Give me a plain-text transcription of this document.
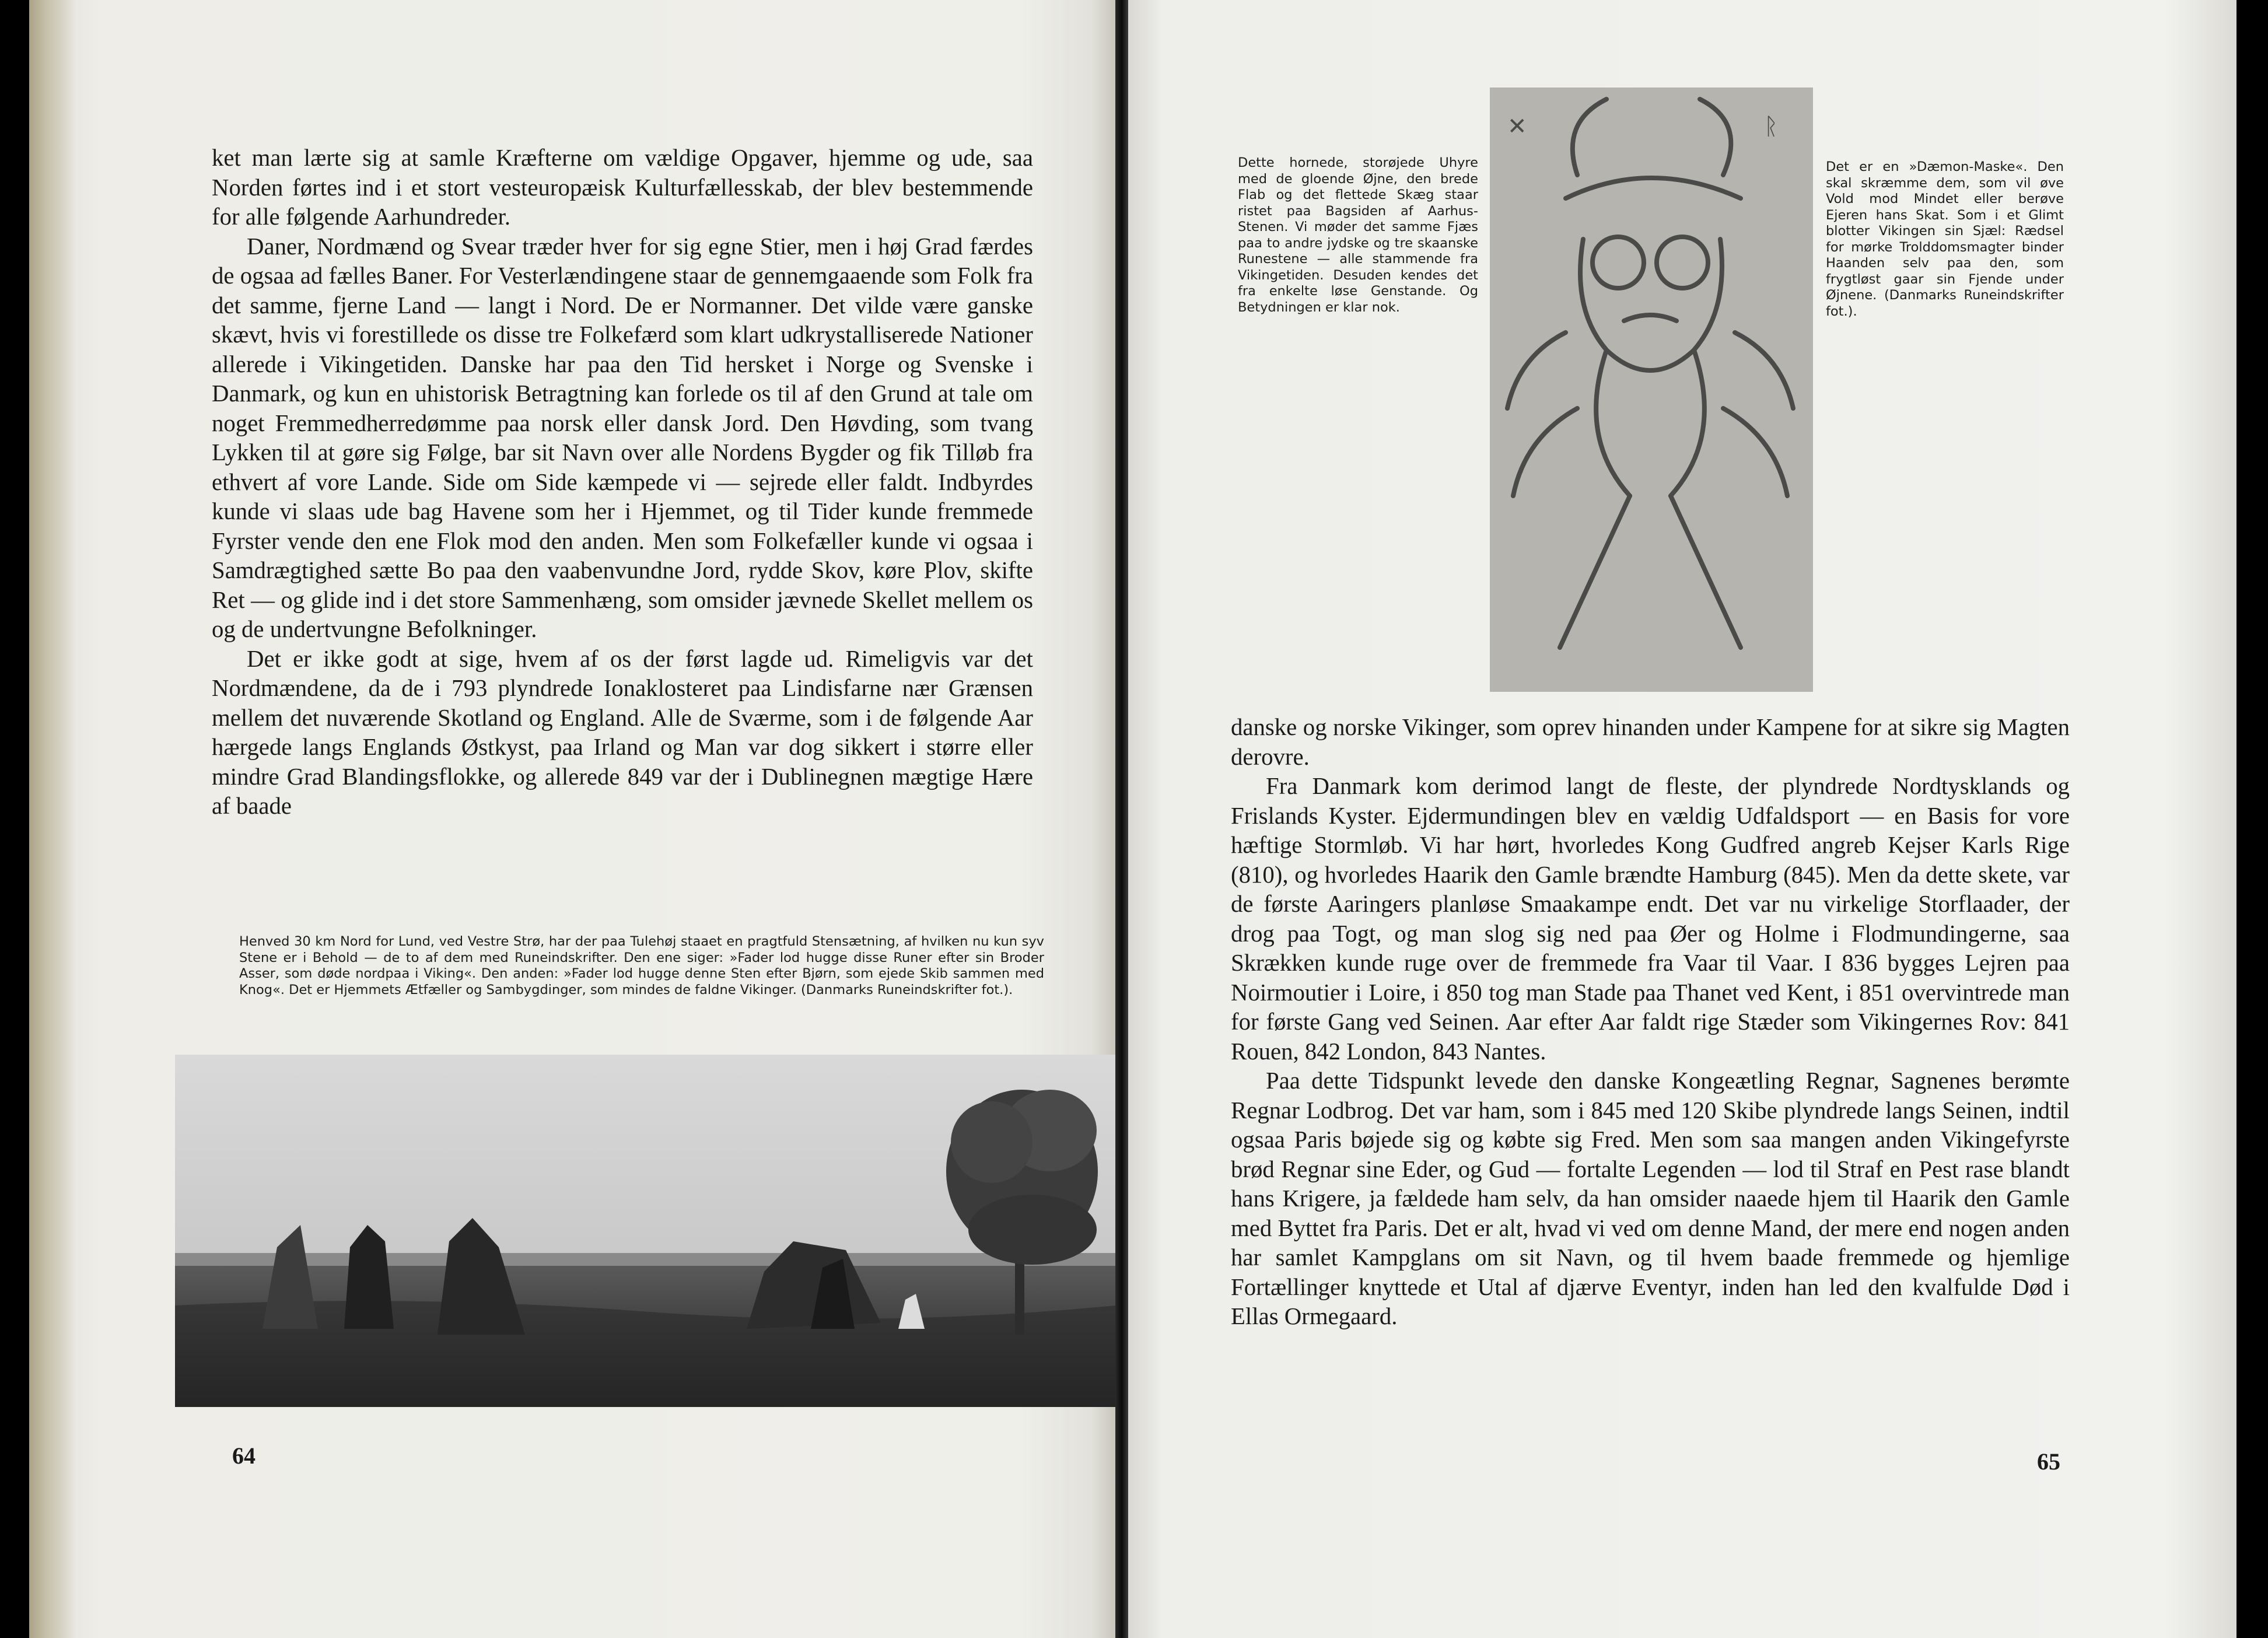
ket man lærte sig at samle Kræfterne om vældige Opgaver, hjemme og ude, saa Norden førtes ind i et stort vesteuropæisk Kulturfællesskab, der blev bestemmende for alle følgende Aarhundreder.

Daner, Nordmænd og Svear træder hver for sig egne Stier, men i høj Grad færdes de ogsaa ad fælles Baner. For Vesterlændingene staar de gennemgaaende som Folk fra det samme, fjerne Land — langt i Nord. De er Normanner. Det vilde være ganske skævt, hvis vi forestillede os disse tre Folkefærd som klart udkrystalliserede Nationer allerede i Vikingetiden. Danske har paa den Tid hersket i Norge og Svenske i Danmark, og kun en uhistorisk Betragtning kan forlede os til af den Grund at tale om noget Fremmedherredømme paa norsk eller dansk Jord. Den Høvding, som tvang Lykken til at gøre sig Følge, bar sit Navn over alle Nordens Bygder og fik Tilløb fra ethvert af vore Lande. Side om Side kæmpede vi — sejrede eller faldt. Indbyrdes kunde vi slaas ude bag Havene som her i Hjemmet, og til Tider kunde fremmede Fyrster vende den ene Flok mod den anden. Men som Folkefæller kunde vi ogsaa i Samdrægtighed sætte Bo paa den vaabenvundne Jord, rydde Skov, køre Plov, skifte Ret — og glide ind i det store Sammenhæng, som omsider jævnede Skellet mellem os og de undertvungne Befolkninger.

Det er ikke godt at sige, hvem af os der først lagde ud. Rimeligvis var det Nordmændene, da de i 793 plyndrede Ionaklosteret paa Lindisfarne nær Grænsen mellem det nuværende Skotland og England. Alle de Sværme, som i de følgende Aar hærgede langs Englands Østkyst, paa Irland og Man var dog sikkert i større eller mindre Grad Blandingsflokke, og allerede 849 var der i Dublinegnen mægtige Hære af baade

Henved 30 km Nord for Lund, ved Vestre Strø, har der paa Tulehøj staaet en pragtfuld Stensætning, af hvilken nu kun syv Stene er i Behold — de to af dem med Runeindskrifter. Den ene siger: »Fader lod hugge disse Runer efter sin Broder Asser, som døde nordpaa i Viking«. Den anden: »Fader lod hugge denne Sten efter Bjørn, som ejede Skib sammen med Knog«. Det er Hjemmets Ætfæller og Sambygdinger, som mindes de faldne Vikinger. (Danmarks Runeindskrifter fot.).

64

Dette hornede, storøjede Uhyre med de gloende Øjne, den brede Flab og det flettede Skæg staar ristet paa Bagsiden af Aarhus-Stenen. Vi møder det samme Fjæs paa to andre jydske og tre skaanske Runestene — alle stammende fra Vikingetiden. Desuden kendes det fra enkelte løse Genstande. Og Betydningen er klar nok.

✕	ᚱ

Det er en »Dæmon-Maske«. Den skal skræmme dem, som vil øve Vold mod Mindet eller berøve Ejeren hans Skat. Som i et Glimt blotter Vikingen sin Sjæl: Rædsel for mørke Trolddomsmagter binder Haanden selv paa den, som frygtløst gaar sin Fjende under Øjnene. (Danmarks Runeindskrifter fot.).

danske og norske Vikinger, som oprev hinanden under Kampene for at sikre sig Magten derovre.

Fra Danmark kom derimod langt de fleste, der plyndrede Nordtysklands og Frislands Kyster. Ejdermundingen blev en vældig Udfaldsport — en Basis for vore hæftige Stormløb. Vi har hørt, hvorledes Kong Gudfred angreb Kejser Karls Rige (810), og hvorledes Haarik den Gamle brændte Hamburg (845). Men da dette skete, var de første Aaringers planløse Smaakampe endt. Det var nu virkelige Storflaader, der drog paa Togt, og man slog sig ned paa Øer og Holme i Flodmundingerne, saa Skrækken kunde ruge over de fremmede fra Vaar til Vaar. I 836 bygges Lejren paa Noirmoutier i Loire, i 850 tog man Stade paa Thanet ved Kent, i 851 overvintrede man for første Gang ved Seinen. Aar efter Aar faldt rige Stæder som Vikingernes Rov: 841 Rouen, 842 London, 843 Nantes.

Paa dette Tidspunkt levede den danske Kongeætling Regnar, Sagnenes berømte Regnar Lodbrog. Det var ham, som i 845 med 120 Skibe plyndrede langs Seinen, indtil ogsaa Paris bøjede sig og købte sig Fred. Men som saa mangen anden Vikingefyrste brød Regnar sine Eder, og Gud — fortalte Legenden — lod til Straf en Pest rase blandt hans Krigere, ja fældede ham selv, da han omsider naaede hjem til Haarik den Gamle med Byttet fra Paris. Det er alt, hvad vi ved om denne Mand, der mere end nogen anden har samlet Kampglans om sit Navn, og til hvem baade fremmede og hjemlige Fortællinger knyttede et Utal af djærve Eventyr, inden han led den kvalfulde Død i Ellas Ormegaard.

65
